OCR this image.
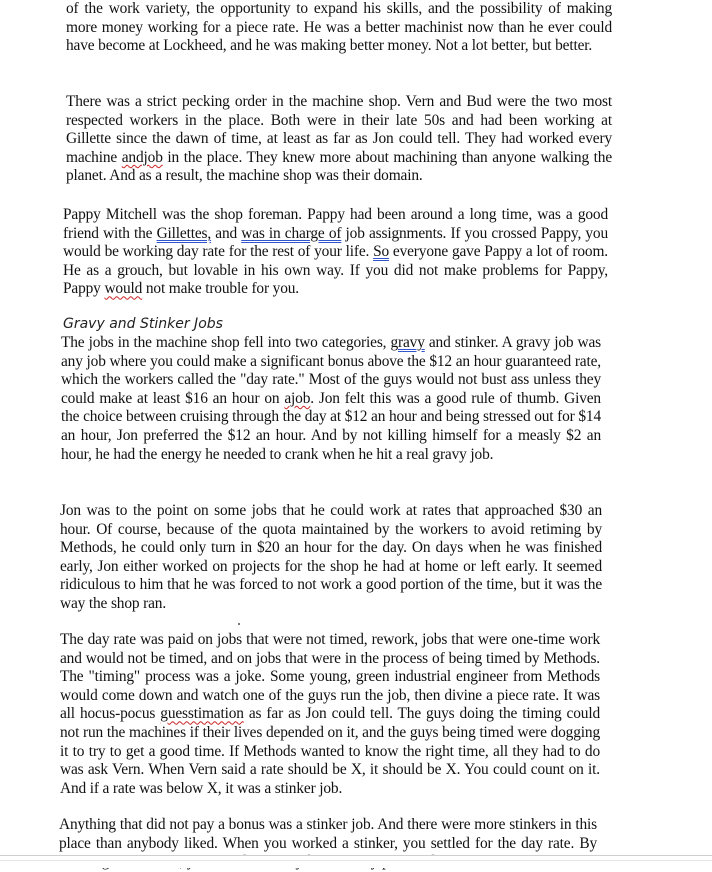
of the work variety, the opportunity to expand his skills, and the possibility of making more money working for a piece rate. He was a better machinist now than he ever could have become at Lockheed, and he was making better money. Not a lot better, but better.

There was a strict pecking order in the machine shop. Vern and Bud were the two most respected workers in the place. Both were in their late 50s and had been working at Gillette since the dawn of time, at least as far as Jon could tell. They had worked every machine andjob in the place. They knew more about machining than anyone walking the planet. And as a result, the machine shop was their domain.

Pappy Mitchell was the shop foreman. Pappy had been around a long time, was a good friend with the Gillettes, and was in charge of job assignments. If you crossed Pappy, you would be working day rate for the rest of your life. So everyone gave Pappy a lot of room. He as a grouch, but lovable in his own way. If you did not make problems for Pappy, Pappy would not make trouble for you.

Gravy and Stinker Jobs

The jobs in the machine shop fell into two categories, gravy and stinker. A gravy job was any job where you could make a significant bonus above the $12 an hour guaranteed rate, which the workers called the "day rate." Most of the guys would not bust ass unless they could make at least $16 an hour on ajob. Jon felt this was a good rule of thumb. Given the choice between cruising through the day at $12 an hour and being stressed out for $14 an hour, Jon preferred the $12 an hour. And by not killing himself for a measly $2 an hour, he had the energy he needed to crank when he hit a real gravy job.

Jon was to the point on some jobs that he could work at rates that approached $30 an hour. Of course, because of the quota maintained by the workers to avoid retiming by Methods, he could only turn in $20 an hour for the day. On days when he was finished early, Jon either worked on projects for the shop he had at home or left early. It seemed ridiculous to him that he was forced to not work a good portion of the time, but it was the way the shop ran.

The day rate was paid on jobs that were not timed, rework, jobs that were one-time work and would not be timed, and on jobs that were in the process of being timed by Methods. The "timing" process was a joke. Some young, green industrial engineer from Methods would come down and watch one of the guys run the job, then divine a piece rate. It was all hocus-pocus guesstimation as far as Jon could tell. The guys doing the timing could not run the machines if their lives depended on it, and the guys being timed were dogging it to try to get a good time. If Methods wanted to know the right time, all they had to do was ask Vern. When Vern said a rate should be X, it should be X. You could count on it. And if a rate was below X, it was a stinker job.

Anything that did not pay a bonus was a stinker job. And there were more stinkers in this place than anybody liked. When you worked a stinker, you settled for the day rate. By
